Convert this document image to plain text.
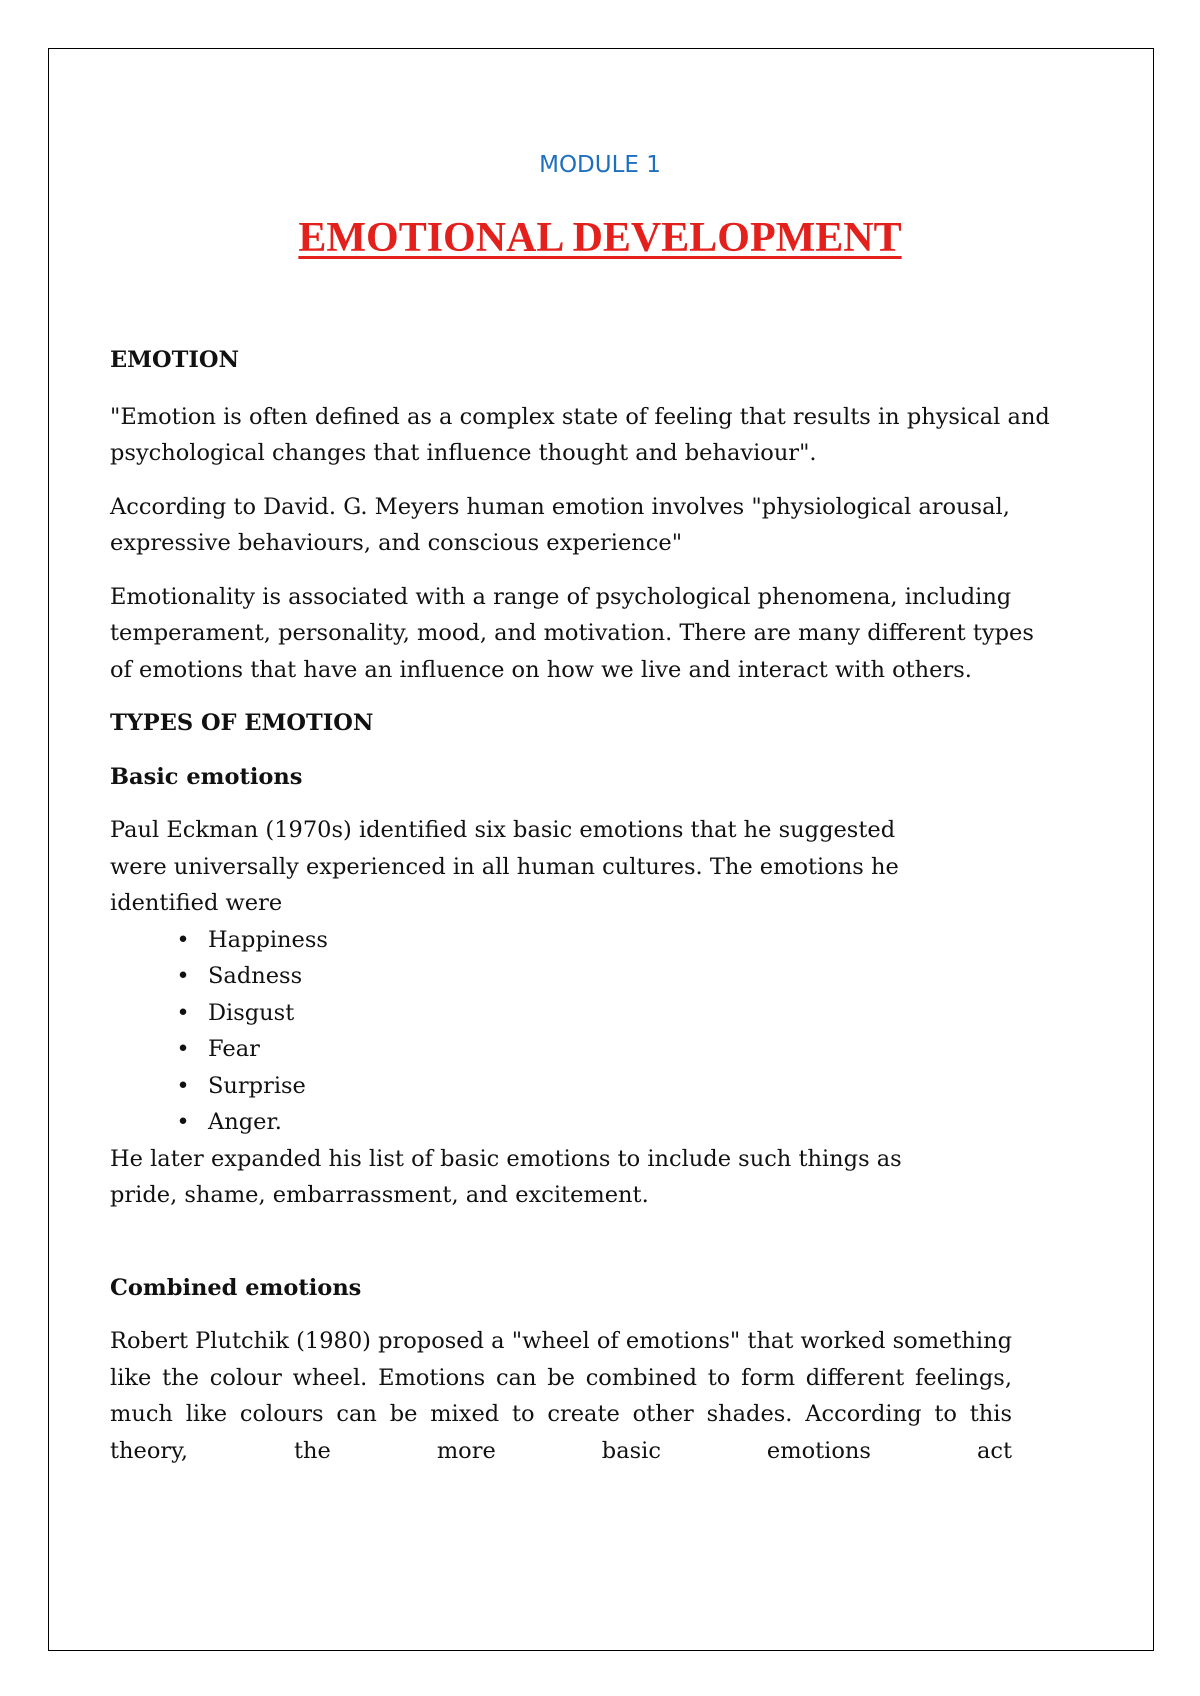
MODULE 1
EMOTIONAL DEVELOPMENT

EMOTION

"Emotion is often defined as a complex state of feeling that results in physical and psychological changes that influence thought and behaviour".

According to David. G. Meyers human emotion involves "physiological arousal, expressive behaviours, and conscious experience"

Emotionality is associated with a range of psychological phenomena, including temperament, personality, mood, and motivation. There are many different types of emotions that have an influence on how we live and interact with others.

TYPES OF EMOTION

Basic emotions

Paul Eckman (1970s) identified six basic emotions that he suggested were universally experienced in all human cultures. The emotions he identified were

• Happiness
• Sadness
• Disgust
• Fear
• Surprise
• Anger.

He later expanded his list of basic emotions to include such things as pride, shame, embarrassment, and excitement.

Combined emotions

Robert Plutchik (1980) proposed a "wheel of emotions" that worked something like the colour wheel. Emotions can be combined to form different feelings, much like colours can be mixed to create other shades. According to this theory, the more basic emotions act
